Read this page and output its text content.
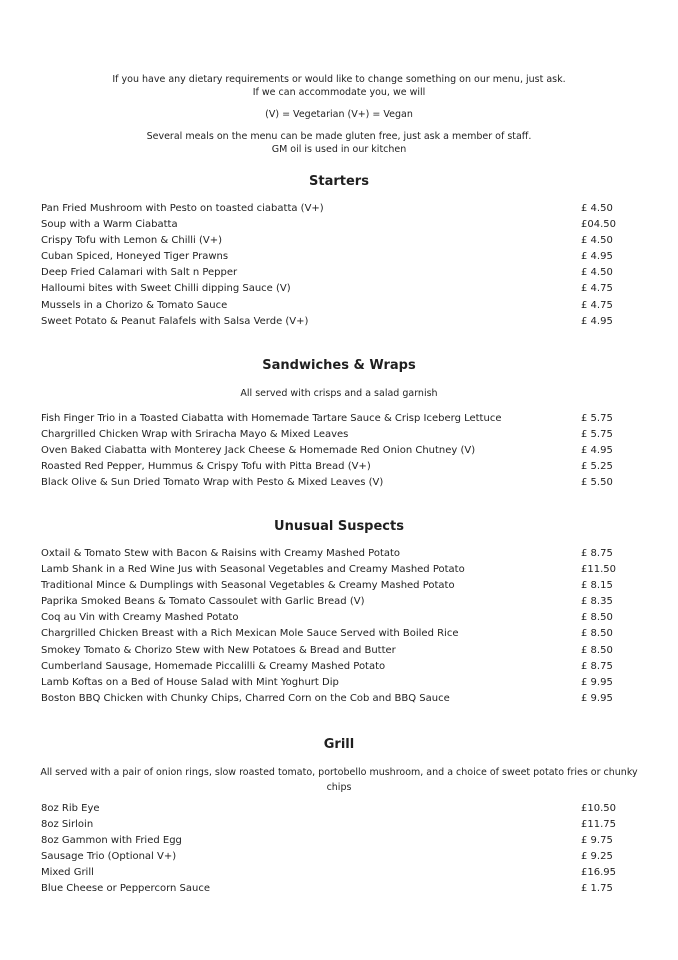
If you have any dietary requirements or would like to change something on our menu, just ask.
If we can accommodate you, we will
(V) = Vegetarian (V+) = Vegan
Several meals on the menu can be made gluten free, just ask a member of staff.
GM oil is used in our kitchen
Starters
Pan Fried Mushroom with Pesto on toasted ciabatta (V+)	£ 4.50
Soup with a Warm Ciabatta	£04.50
Crispy Tofu with Lemon & Chilli (V+)	£ 4.50
Cuban Spiced, Honeyed Tiger Prawns	£ 4.95
Deep Fried Calamari with Salt n Pepper	£ 4.50
Halloumi bites with Sweet Chilli dipping Sauce (V)	£ 4.75
Mussels in a Chorizo & Tomato Sauce	£ 4.75
Sweet Potato & Peanut Falafels with Salsa Verde (V+)	£ 4.95
Sandwiches & Wraps
All served with crisps and a salad garnish
Fish Finger Trio in a Toasted Ciabatta with Homemade Tartare Sauce & Crisp Iceberg Lettuce	£ 5.75
Chargrilled Chicken Wrap with Sriracha Mayo & Mixed Leaves	£ 5.75
Oven Baked Ciabatta with Monterey Jack Cheese & Homemade Red Onion Chutney (V)	£ 4.95
Roasted Red Pepper, Hummus & Crispy Tofu with Pitta Bread (V+)	£ 5.25
Black Olive & Sun Dried Tomato Wrap with Pesto & Mixed Leaves (V)	£ 5.50
Unusual Suspects
Oxtail & Tomato Stew with Bacon & Raisins with Creamy Mashed Potato	£ 8.75
Lamb Shank in a Red Wine Jus with Seasonal Vegetables and Creamy Mashed Potato	£11.50
Traditional Mince & Dumplings with Seasonal Vegetables & Creamy Mashed Potato	£ 8.15
Paprika Smoked Beans & Tomato Cassoulet with Garlic Bread (V)	£ 8.35
Coq au Vin with Creamy Mashed Potato	£ 8.50
Chargrilled Chicken Breast with a Rich Mexican Mole Sauce Served with Boiled Rice	£ 8.50
Smokey Tomato & Chorizo Stew with New Potatoes & Bread and Butter	£ 8.50
Cumberland Sausage, Homemade Piccalilli & Creamy Mashed Potato	£ 8.75
Lamb Koftas on a Bed of House Salad with Mint Yoghurt Dip	£ 9.95
Boston BBQ Chicken with Chunky Chips, Charred Corn on the Cob and BBQ Sauce	£ 9.95
Grill
All served with a pair of onion rings, slow roasted tomato, portobello mushroom, and a choice of sweet potato fries or chunky chips
8oz Rib Eye	£10.50
8oz Sirloin	£11.75
8oz Gammon with Fried Egg	£ 9.75
Sausage Trio (Optional V+)	£ 9.25
Mixed Grill	£16.95
Blue Cheese or Peppercorn Sauce	£ 1.75
